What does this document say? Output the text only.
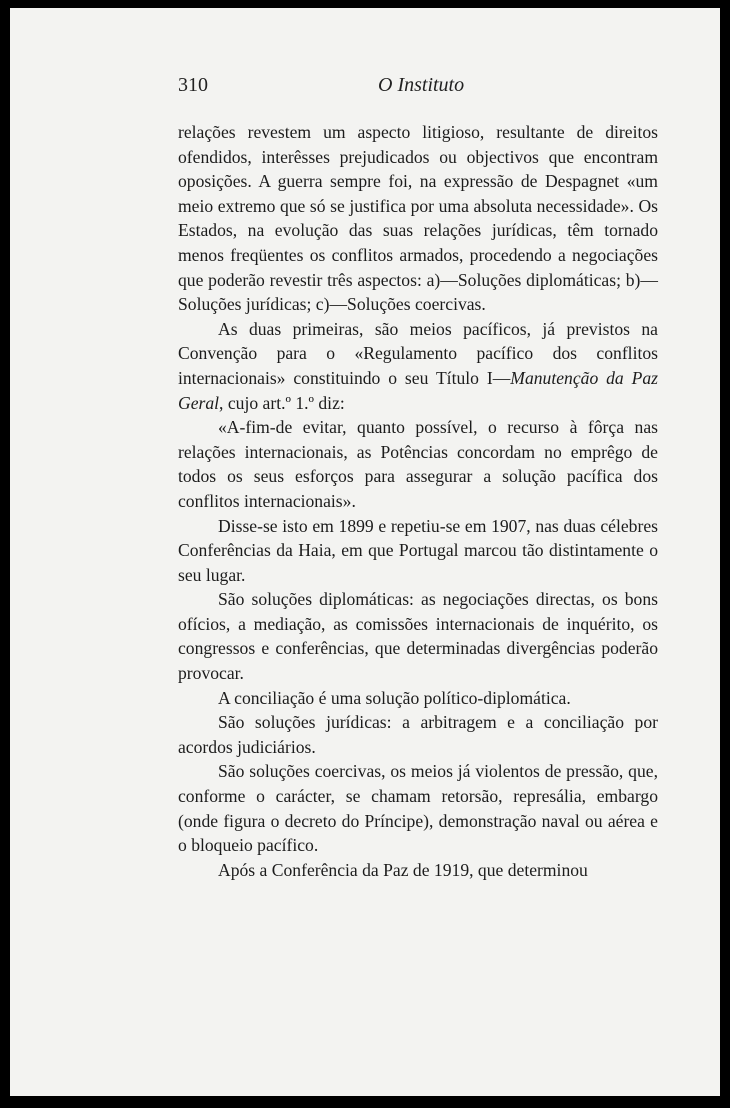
310	O Instituto

relações revestem um aspecto litigioso, resultante de direitos ofendidos, interêsses prejudicados ou objectivos que encontram oposições. A guerra sempre foi, na expressão de Despagnet «um meio extremo que só se justifica por uma absoluta necessidade». Os Estados, na evolução das suas relações jurídicas, têm tornado menos freqüentes os conflitos armados, procedendo a negociações que poderão revestir três aspectos: a)—Soluções diplomáticas; b)—Soluções jurídicas; c)—Soluções coercivas.

As duas primeiras, são meios pacíficos, já previstos na Convenção para o «Regulamento pacífico dos conflitos internacionais» constituindo o seu Título I—Manutenção da Paz Geral, cujo art.º 1.º diz:

«A-fim-de evitar, quanto possível, o recurso à fôrça nas relações internacionais, as Potências concordam no emprêgo de todos os seus esforços para assegurar a solução pacífica dos conflitos internacionais».

Disse-se isto em 1899 e repetiu-se em 1907, nas duas célebres Conferências da Haia, em que Portugal marcou tão distintamente o seu lugar.

São soluções diplomáticas: as negociações directas, os bons ofícios, a mediação, as comissões internacionais de inquérito, os congressos e conferências, que determinadas divergências poderão provocar.

A conciliação é uma solução político-diplomática.

São soluções jurídicas: a arbitragem e a conciliação por acordos judiciários.

São soluções coercivas, os meios já violentos de pressão, que, conforme o carácter, se chamam retorsão, represália, embargo (onde figura o decreto do Príncipe), demonstração naval ou aérea e o bloqueio pacífico.

Após a Conferência da Paz de 1919, que determinou
